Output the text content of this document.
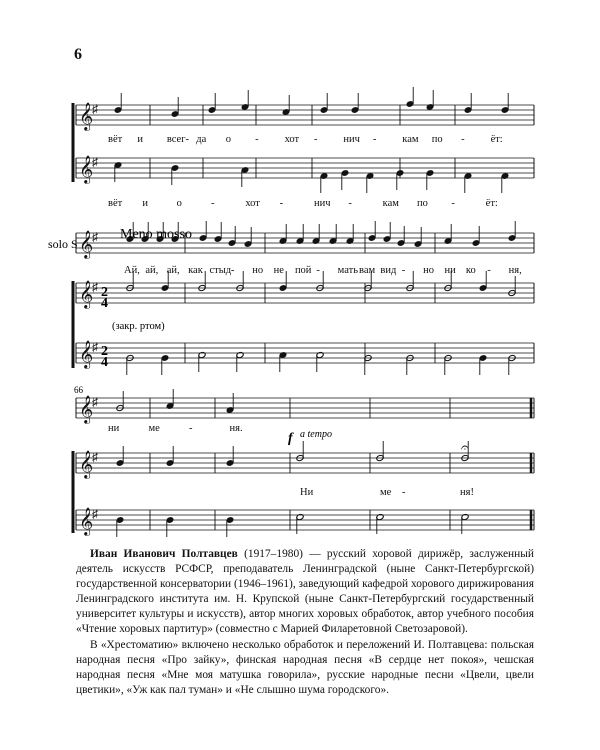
6
𝄞
♯
𝄞
♯
𝄞
♯
𝄞
♯
𝄞
♯
𝄞
♯
𝄞
♯
𝄞
♯
𝄐
Meno mosso
solo S
(закр. ртом)
66
f a tempo
2
4
2
4
вёт и всег- да о - хот - нич - кам по - ёт:
вёт и	о	-	хот -	нич -	кам по -	ёт:
Ай, ай, ай, как стыд - но не пой - мать вам вид - но ни ко - ня,
ни	ме	-	ня.
Ни	ме -	ня!

Иван Иванович Полтавцев (1917–1980) — русский хоровой дирижёр, заслуженный деятель искусств РСФСР, преподаватель Ленинградской (ныне Санкт-Петербургской) государственной консерватории (1946–1961), заведующий кафедрой хорового дирижирования Ленинградского института им. Н. Крупской (ныне Санкт-Петербургский государственный университет культуры и искусств), автор многих хоровых обработок, автор учебного пособия «Чтение хоровых партитур» (совместно с Марией Филаретовной Светозаровой).

В «Хрестоматию» включено несколько обработок и переложений И. Полтавцева: польская народная песня «Про зайку», финская народная песня «В сердце нет покоя», чешская народная песня «Мне моя матушка говорила», русские народные песни «Цвели, цвели цветики», «Уж как пал туман» и «Не слышно шума городского».
